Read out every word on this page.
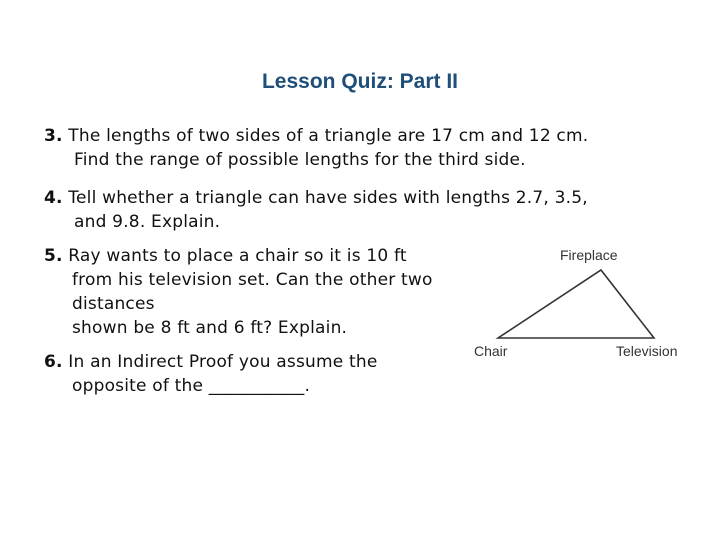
Lesson Quiz: Part II
3. The lengths of two sides of a triangle are 17 cm and 12 cm.
Find the range of possible lengths for the third side.
4. Tell whether a triangle can have sides with lengths 2.7, 3.5,
and 9.8. Explain.
5. Ray wants to place a chair so it is 10 ft
from his television set. Can the other two
distances
shown be 8 ft and 6 ft? Explain.
6. In an Indirect Proof you assume the
opposite of the ___________.
Fireplace
Chair	Television
